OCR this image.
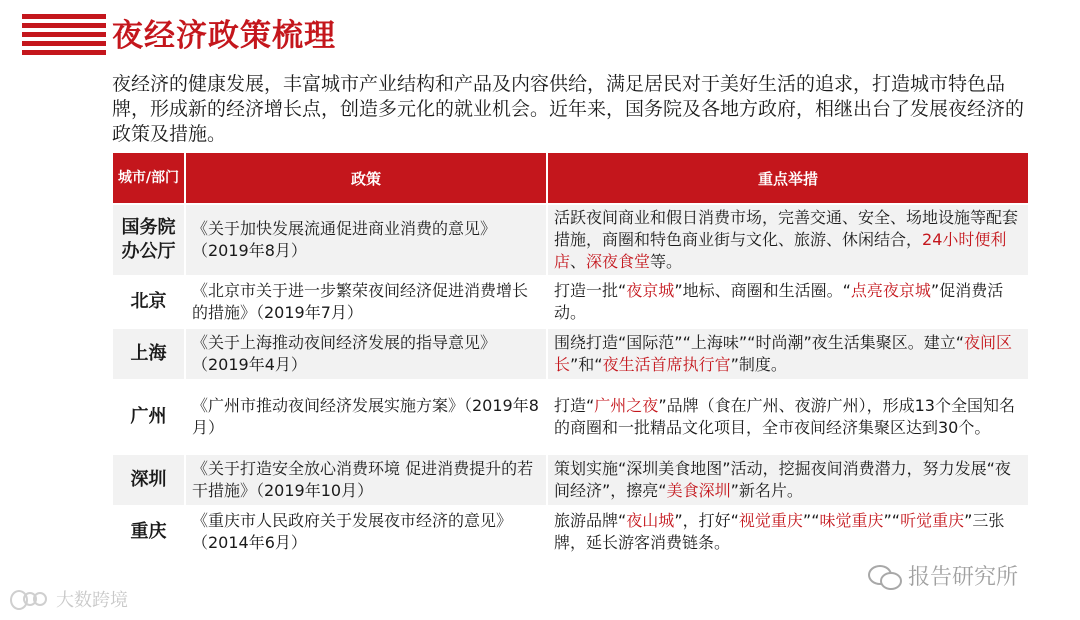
夜经济政策梳理
夜经济的健康发展，丰富城市产业结构和产品及内容供给，满足居民对于美好生活的追求，打造城市特色品牌，形成新的经济增长点，创造多元化的就业机会。近年来，国务院及各地方政府，相继出台了发展夜经济的政策及措施。
城市/部门	政策	重点举措
国务院办公厅	《关于加快发展流通促进商业消费的意见》（2019年8月）	活跃夜间商业和假日消费市场，完善交通、安全、场地设施等配套措施，商圈和特色商业街与文化、旅游、休闲结合，24小时便利店、深夜食堂等。
北京	《北京市关于进一步繁荣夜间经济促进消费增长的措施》（2019年7月）	打造一批“夜京城”地标、商圈和生活圈。“点亮夜京城”促消费活动。
上海	《关于上海推动夜间经济发展的指导意见》（2019年4月）	围绕打造“国际范”“上海味”“时尚潮”夜生活集聚区。建立“夜间区长”和“夜生活首席执行官”制度。
广州	《广州市推动夜间经济发展实施方案》（2019年8月）	打造“广州之夜”品牌（食在广州、夜游广州），形成13个全国知名的商圈和一批精品文化项目，全市夜间经济集聚区达到30个。
深圳	《关于打造安全放心消费环境 促进消费提升的若干措施》（2019年10月）	策划实施“深圳美食地图”活动，挖掘夜间消费潜力，努力发展“夜间经济”，擦亮“美食深圳”新名片。
重庆	《重庆市人民政府关于发展夜市经济的意见》（2014年6月）	旅游品牌“夜山城”，打好“视觉重庆”“味觉重庆”“听觉重庆”三张牌，延长游客消费链条。
大数跨境
报告研究所
